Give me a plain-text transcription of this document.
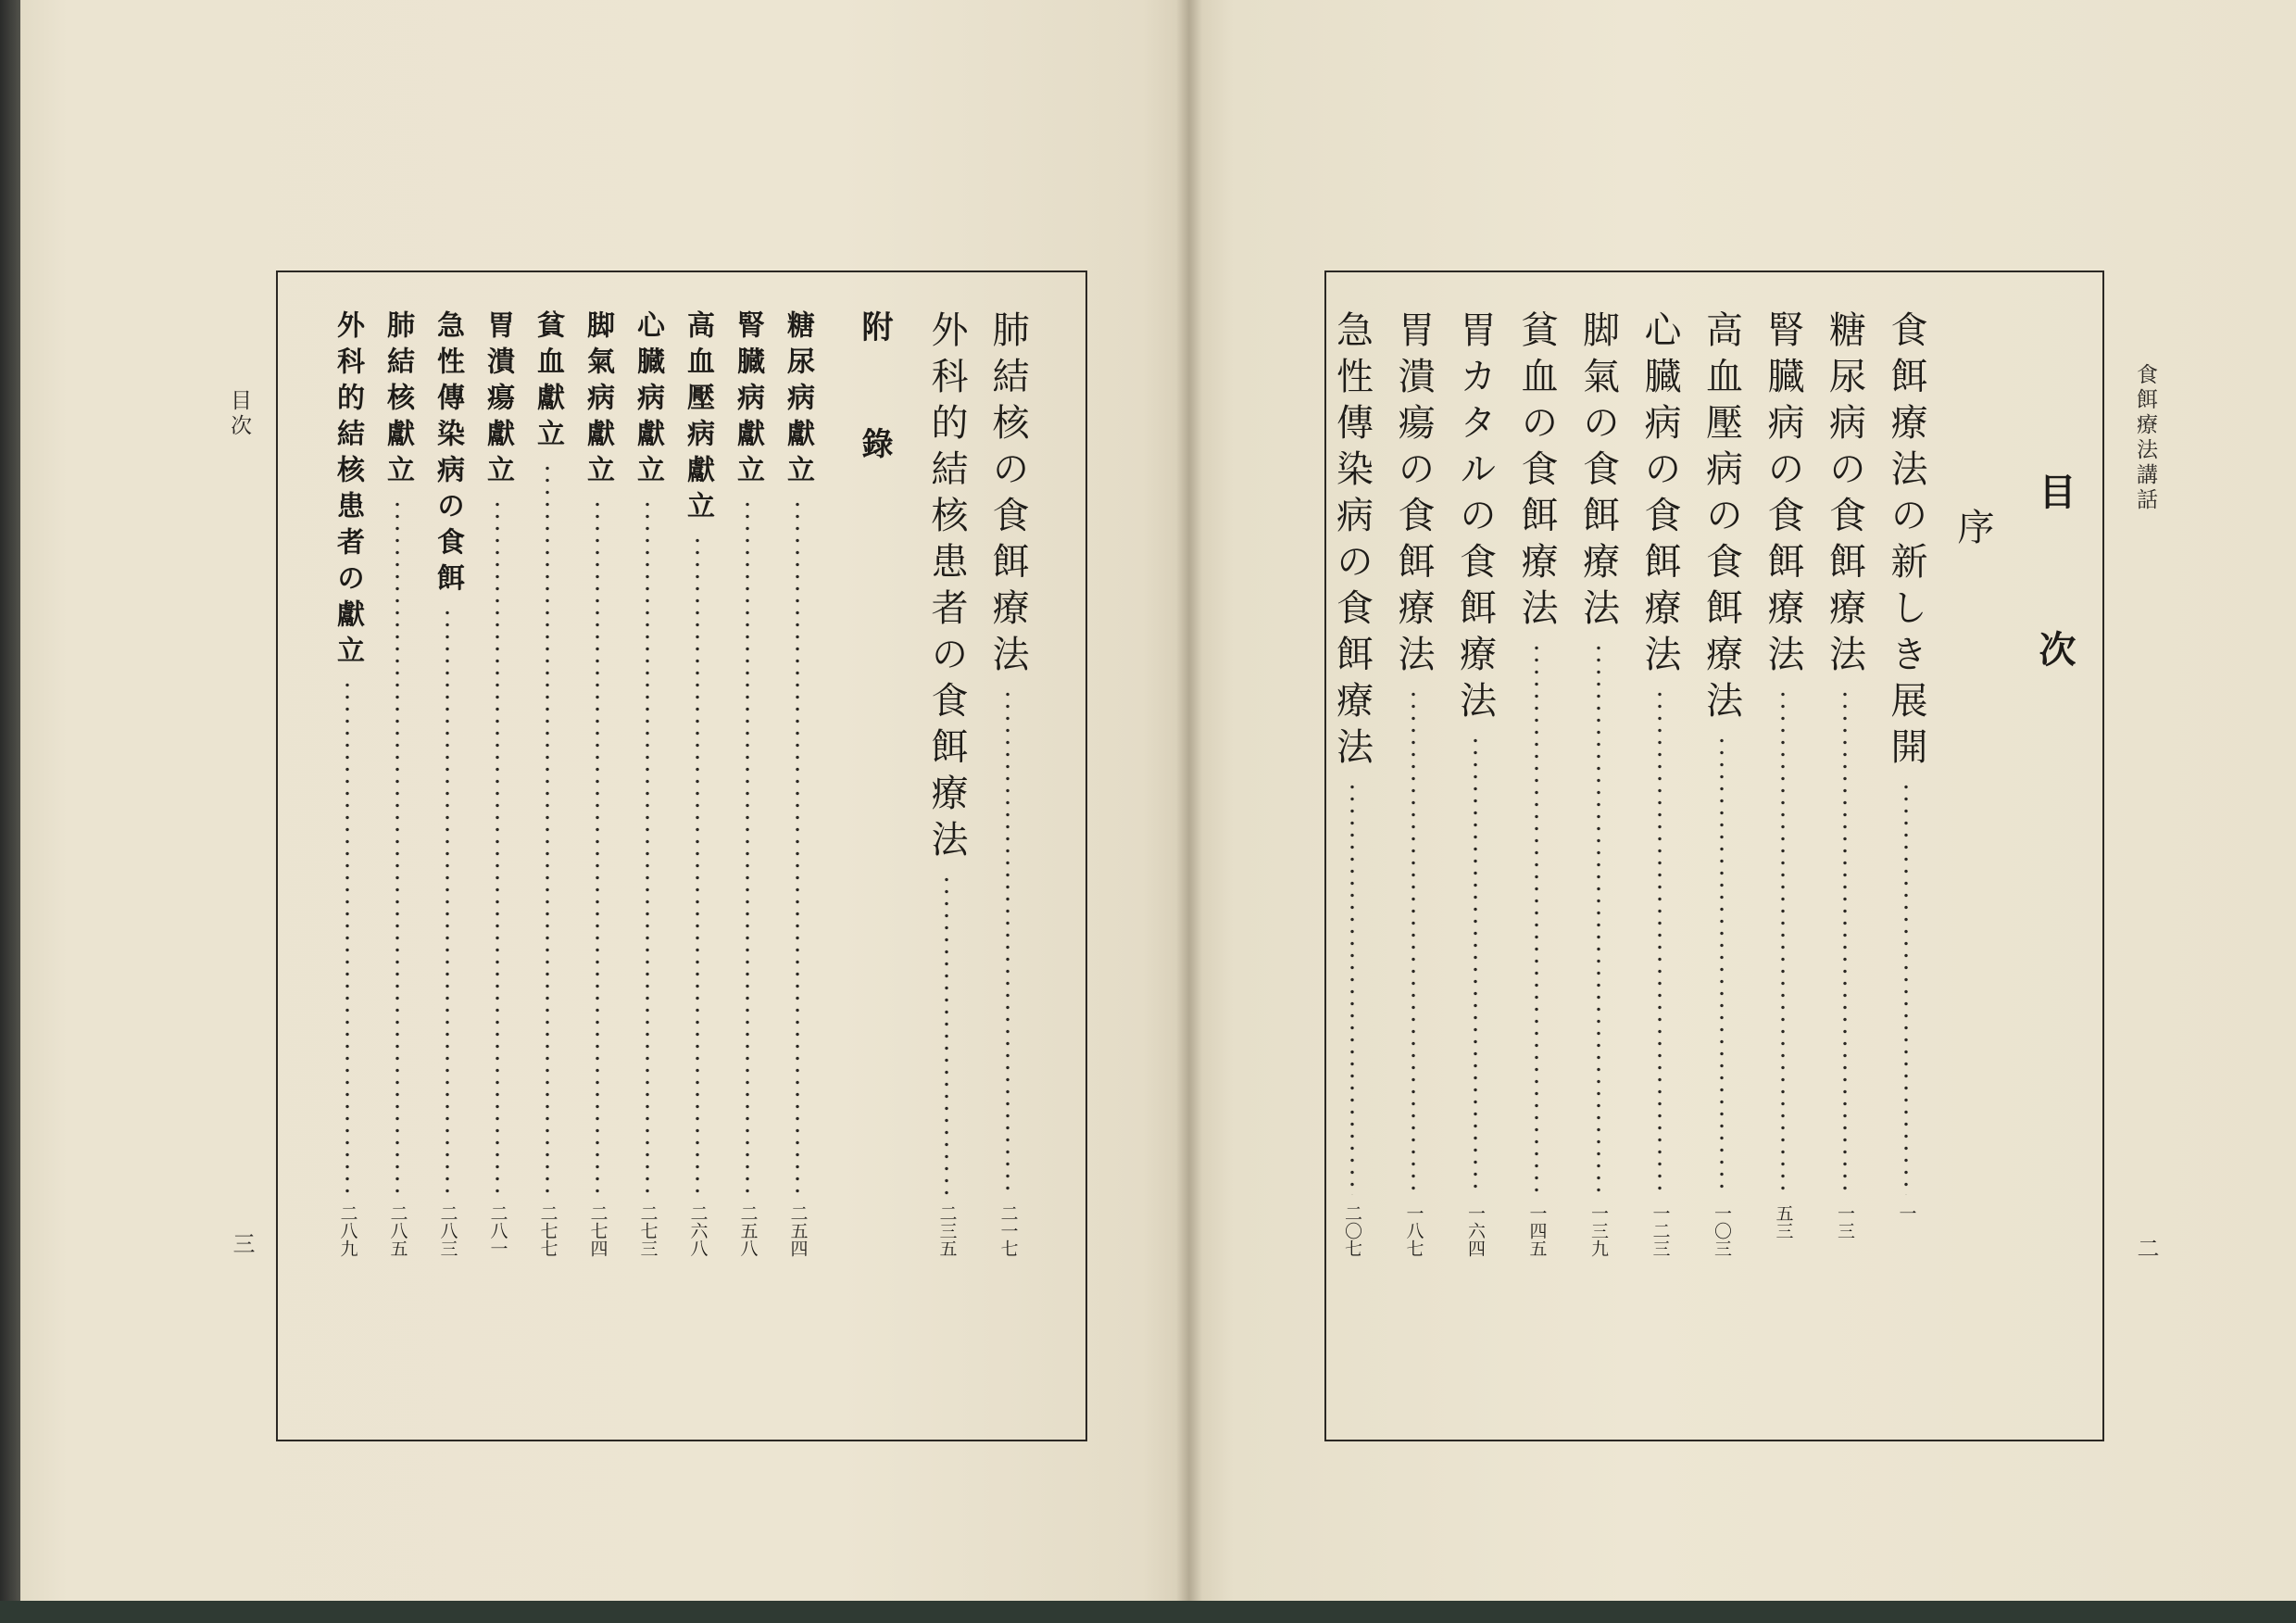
目次
三
食餌療法講話
二
目 次
序
食餌療法の新しき展開
一
糖尿病の食餌療法
一三
腎臓病の食餌療法
五三
高血壓病の食餌療法
一〇三
心臓病の食餌療法
一二三
脚氣の食餌療法
一三九
貧血の食餌療法
一四五
胃カタルの食餌療法
一六四
胃潰瘍の食餌療法
一八七
急性傳染病の食餌療法
二〇七
肺結核の食餌療法
二一七
外科的結核患者の食餌療法
二三五
附 錄
糖尿病獻立
二五四
腎臓病獻立
二五八
高血壓病獻立
二六八
心臓病獻立
二七三
脚氣病獻立
二七四
貧血獻立
二七七
胃潰瘍獻立
二八一
急性傳染病の食餌
二八三
肺結核獻立
二八五
外科的結核患者の獻立
二八九
